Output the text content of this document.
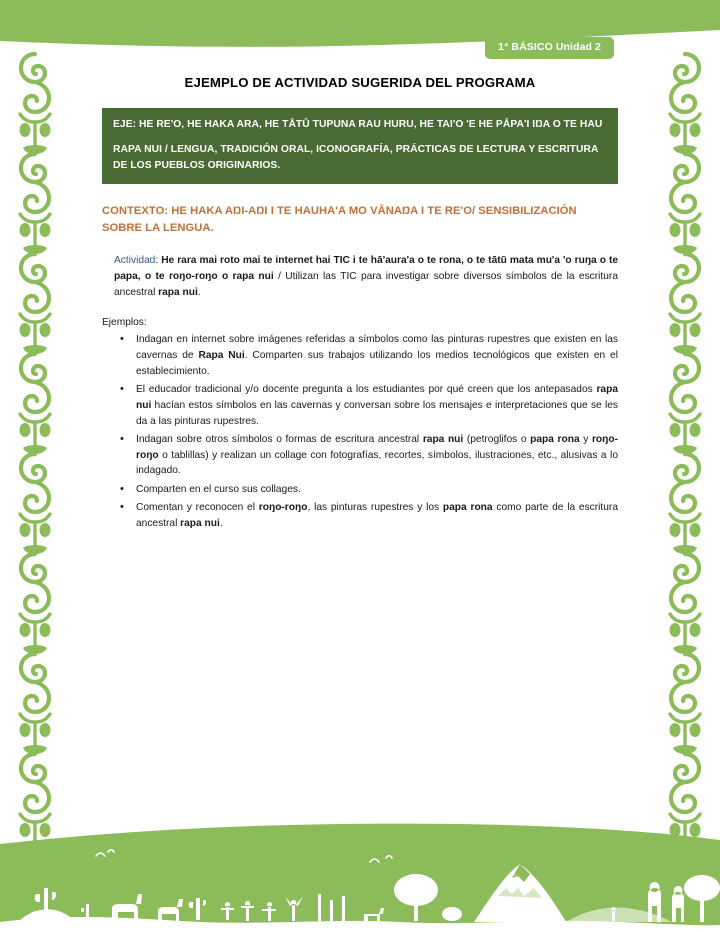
1° BÁSICO Unidad 2
EJEMPLO DE ACTIVIDAD SUGERIDA DEL PROGRAMA

EJE: HE RE'O, HE HAKA ARA, HE TĀTŪ TUPUNA RAU HURU, HE TAI'O 'E HE PĀPA'I IŊA O TE HAU

RAPA NUI / LENGUA, TRADICIÓN ORAL, ICONOGRAFÍA, PRÁCTICAS DE LECTURA Y ESCRITURA DE LOS PUEBLOS ORIGINARIOS.

CONTEXTO: HE HAKA AŊI-AŊI I TE HAUHA'A MO VĀNAŊA I TE RE'O/ SENSIBILIZACIÓN SOBRE LA LENGUA.
Actividad: He rara mai roto mai te internet hai TIC i te hā'aura'a o te rona, o te tātū mata mu'a 'o ruŋa o te papa, o te roŋo-roŋo o rapa nui / Utilizan las TIC para investigar sobre diversos símbolos de la escritura ancestral rapa nui.
Ejemplos:
• Indagan en internet sobre imágenes referidas a símbolos como las pinturas rupestres que existen en las cavernas de Rapa Nui. Comparten sus trabajos utilizando los medios tecnológicos que existen en el establecimiento.
• El educador tradicional y/o docente pregunta a los estudiantes por qué creen que los antepasados rapa nui hacían estos símbolos en las cavernas y conversan sobre los mensajes e interpretaciones que se les da a las pinturas rupestres.
• Indagan sobre otros símbolos o formas de escritura ancestral rapa nui (petroglifos o papa rona y roŋo-roŋo o tablillas) y realizan un collage con fotografías, recortes, símbolos, ilustraciones, etc., alusivas a lo indagado.
• Comparten en el curso sus collages.
• Comentan y reconocen el roŋo-roŋo, las pinturas rupestres y los papa rona como parte de la escritura ancestral rapa nui.
